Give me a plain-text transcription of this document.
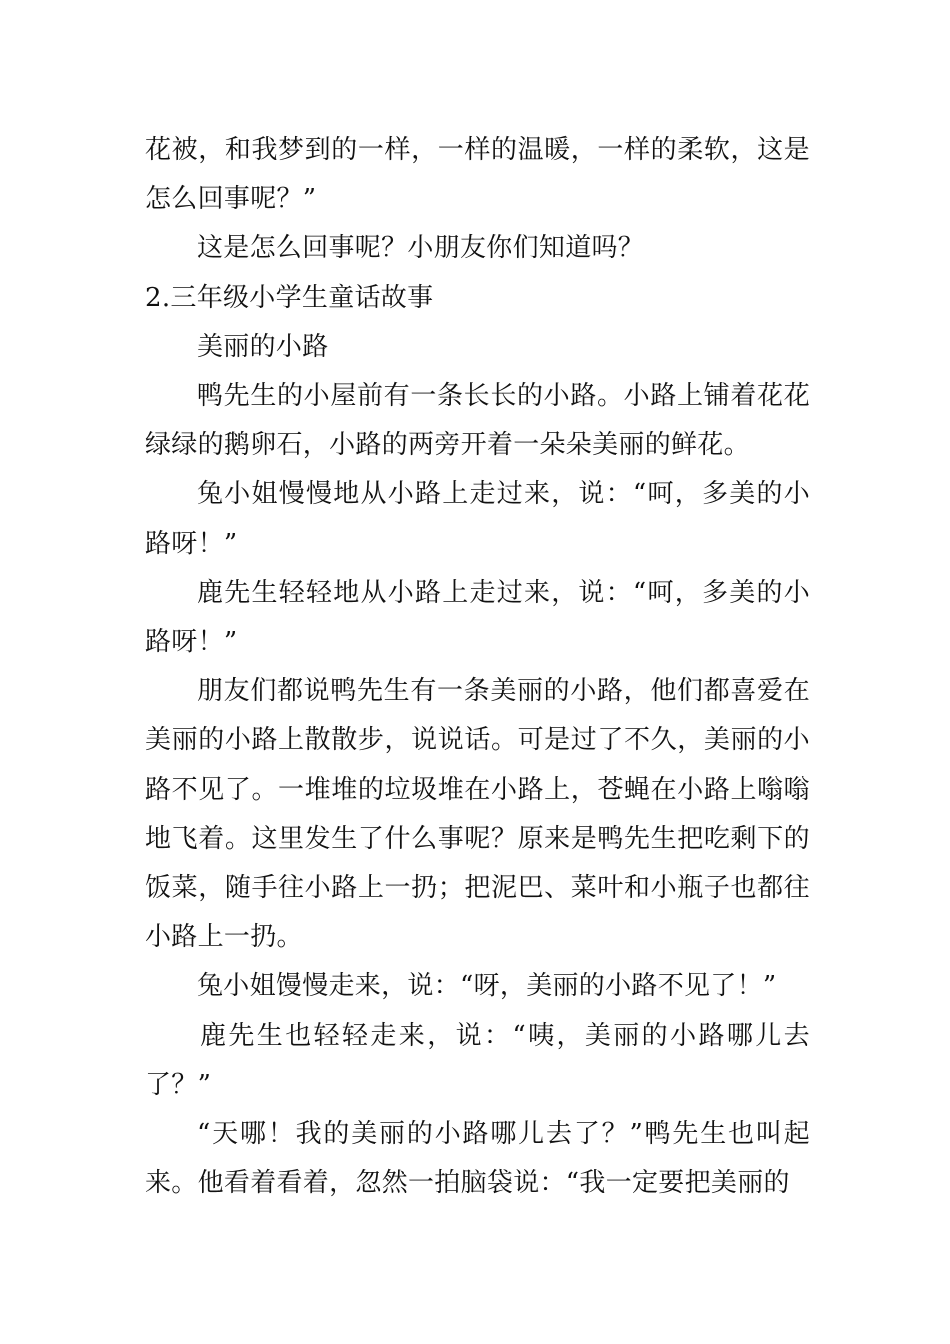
花被，和我梦到的一样，一样的温暖，一样的柔软，这是怎么回事呢？”

这是怎么回事呢？小朋友你们知道吗？

2.三年级小学生童话故事

美丽的小路

鸭先生的小屋前有一条长长的小路。小路上铺着花花绿绿的鹅卵石，小路的两旁开着一朵朵美丽的鲜花。

兔小姐慢慢地从小路上走过来，说：“呵，多美的小路呀！”

鹿先生轻轻地从小路上走过来，说：“呵，多美的小路呀！”

朋友们都说鸭先生有一条美丽的小路，他们都喜爱在美丽的小路上散散步，说说话。可是过了不久，美丽的小路不见了。一堆堆的垃圾堆在小路上，苍蝇在小路上嗡嗡地飞着。这里发生了什么事呢？原来是鸭先生把吃剩下的饭菜，随手往小路上一扔；把泥巴、菜叶和小瓶子也都往小路上一扔。

兔小姐馒慢走来，说：“呀，美丽的小路不见了！”

鹿先生也轻轻走来，说：“咦，美丽的小路哪儿去了？”

“天哪！我的美丽的小路哪儿去了？”鸭先生也叫起来。他看着看着，忽然一拍脑袋说：“我一定要把美丽的
